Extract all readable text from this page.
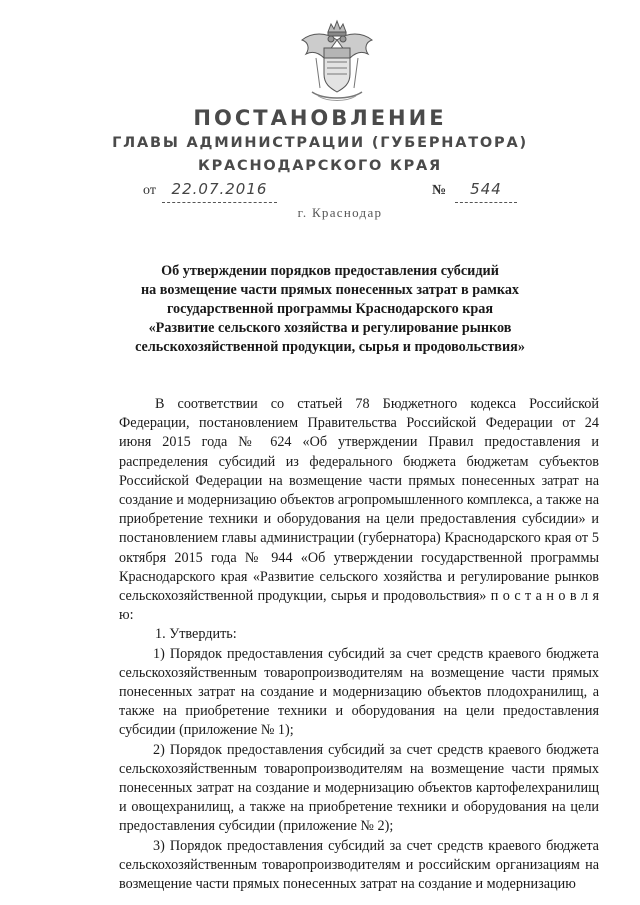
ПОСТАНОВЛЕНИЕ
ГЛАВЫ АДМИНИСТРАЦИИ (ГУБЕРНАТОРА)
КРАСНОДАРСКОГО КРАЯ
от	22.07.2016	№	544
г. Краснодар
Об утверждении порядков предоставления субсидий
на возмещение части прямых понесенных затрат в рамках
государственной программы Краснодарского края
«Развитие сельского хозяйства и регулирование рынков
сельскохозяйственной продукции, сырья и продовольствия»

В соответствии со статьей 78 Бюджетного кодекса Российской Федерации, постановлением Правительства Российской Федерации от 24 июня 2015 года № 624 «Об утверждении Правил предоставления и распределения субсидий из федерального бюджета бюджетам субъектов Российской Федерации на возмещение части прямых понесенных затрат на создание и модернизацию объектов агропромышленного комплекса, а также на приобретение техники и оборудования на цели предоставления субсидии» и постановлением главы администрации (губернатора) Краснодарского края от 5 октября 2015 года № 944 «Об утверждении государственной программы Краснодарского края «Развитие сельского хозяйства и регулирование рынков сельскохозяйственной продукции, сырья и продовольствия» п о с т а н о в л я ю:

1. Утвердить:

1) Порядок предоставления субсидий за счет средств краевого бюджета сельскохозяйственным товаропроизводителям на возмещение части прямых понесенных затрат на создание и модернизацию объектов плодохранилищ, а также на приобретение техники и оборудования на цели предоставления субсидии (приложение № 1);

2) Порядок предоставления субсидий за счет средств краевого бюджета сельскохозяйственным товаропроизводителям на возмещение части прямых понесенных затрат на создание и модернизацию объектов картофелехранилищ и овощехранилищ, а также на приобретение техники и оборудования на цели предоставления субсидии (приложение № 2);

3) Порядок предоставления субсидий за счет средств краевого бюджета сельскохозяйственным товаропроизводителям и российским организациям на возмещение части прямых понесенных затрат на создание и модернизацию
